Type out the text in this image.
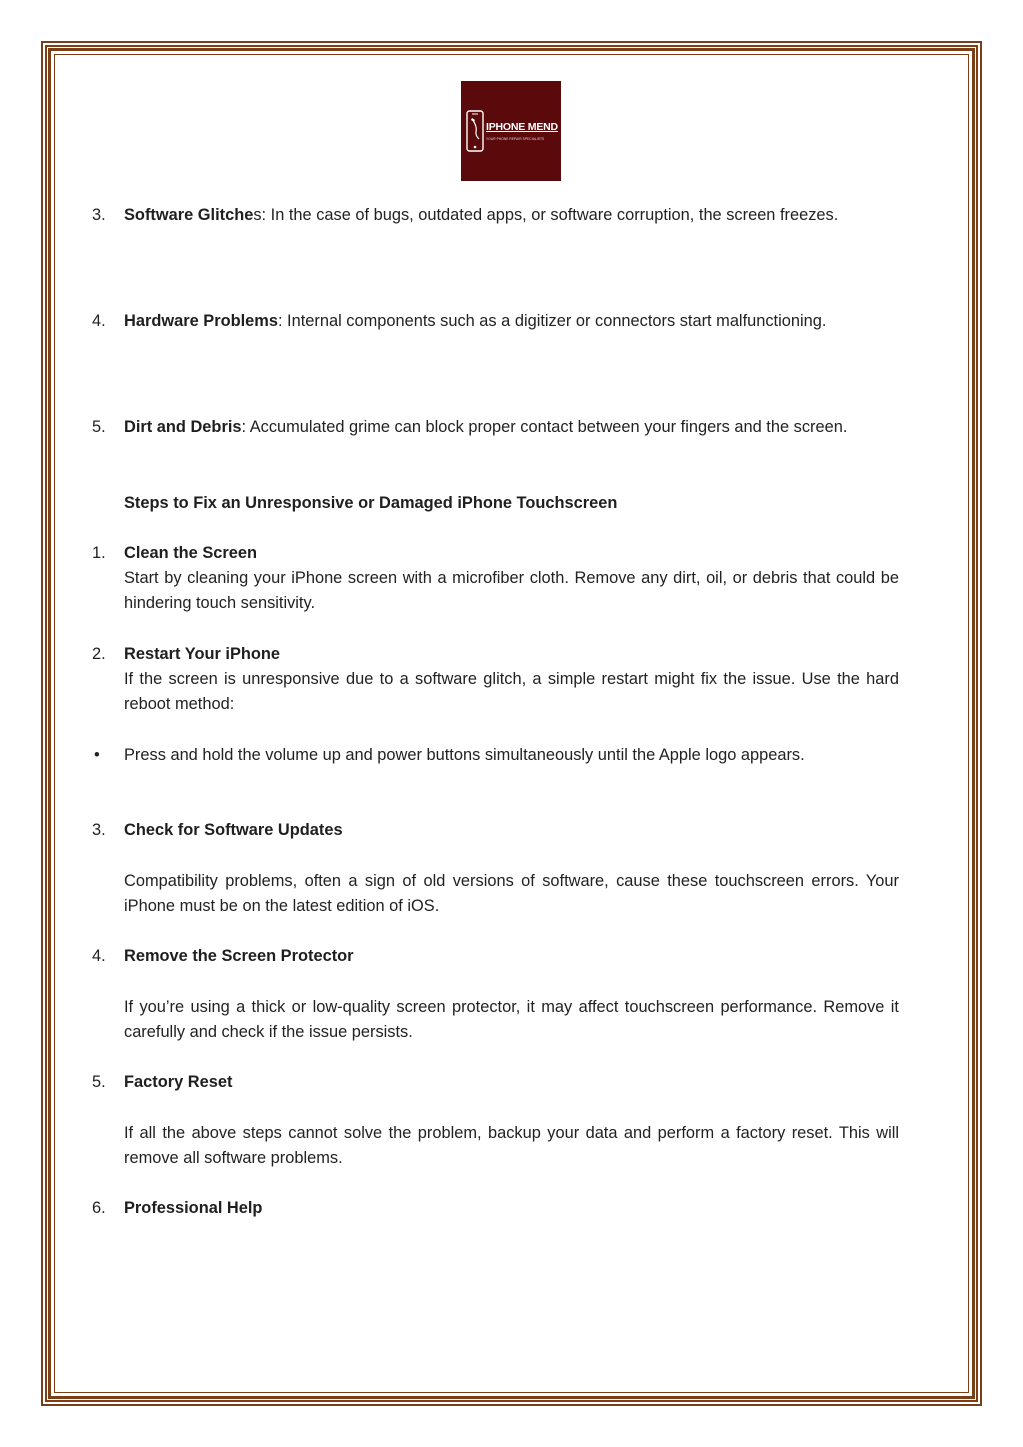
IPHONE MEND
YOUR PHONE REPAIR SPECIALISTS
3.	Software Glitches: In the case of bugs, outdated apps, or software corruption, the screen freezes.
4.	Hardware Problems: Internal components such as a digitizer or connectors start malfunctioning.
5.	Dirt and Debris: Accumulated grime can block proper contact between your fingers and the screen.
Steps to Fix an Unresponsive or Damaged iPhone Touchscreen
1.	Clean the Screen
Start by cleaning your iPhone screen with a microfiber cloth. Remove any dirt, oil, or debris that could be hindering touch sensitivity.
2.	Restart Your iPhone
If the screen is unresponsive due to a software glitch, a simple restart might fix the issue. Use the hard reboot method:
•	Press and hold the volume up and power buttons simultaneously until the Apple logo appears.
3.	Check for Software Updates
Compatibility problems, often a sign of old versions of software, cause these touchscreen errors. Your iPhone must be on the latest edition of iOS.
4.	Remove the Screen Protector
If you’re using a thick or low-quality screen protector, it may affect touchscreen performance. Remove it carefully and check if the issue persists.
5.	Factory Reset
If all the above steps cannot solve the problem, backup your data and perform a factory reset. This will remove all software problems.
6.	Professional Help
